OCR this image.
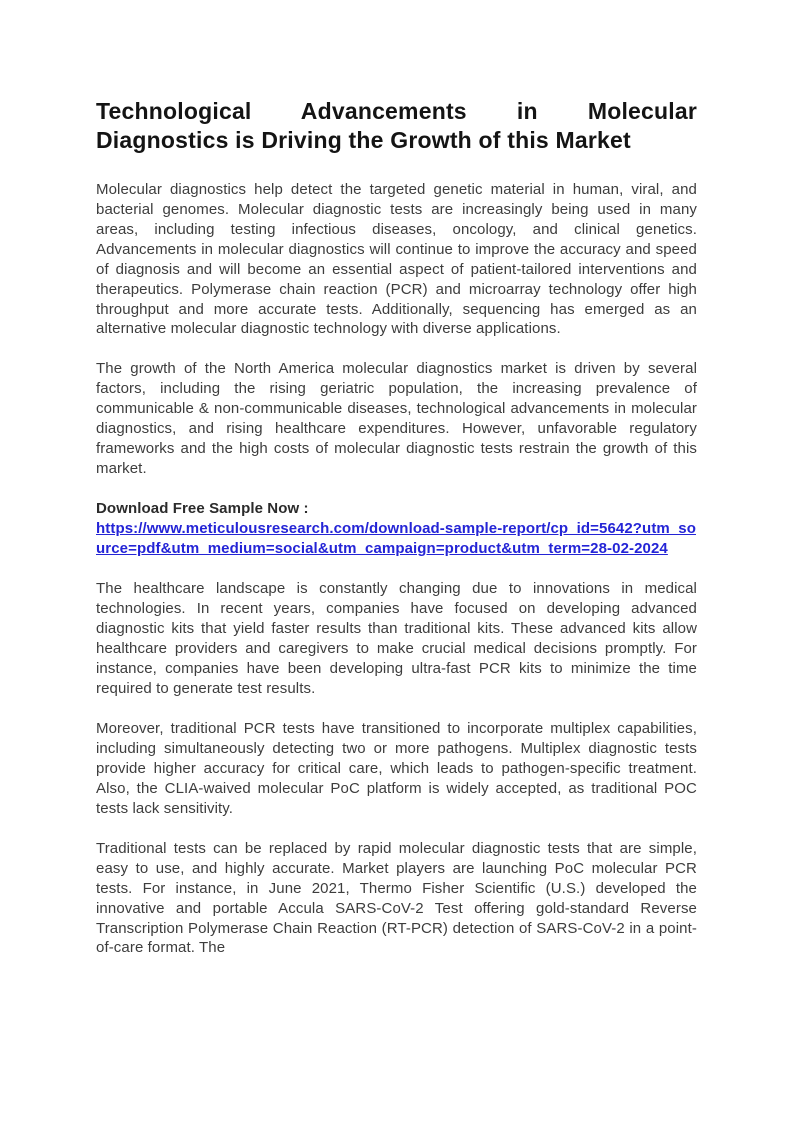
Technological Advancements in Molecular Diagnostics is Driving the Growth of this Market

Molecular diagnostics help detect the targeted genetic material in human, viral, and bacterial genomes. Molecular diagnostic tests are increasingly being used in many areas, including testing infectious diseases, oncology, and clinical genetics. Advancements in molecular diagnostics will continue to improve the accuracy and speed of diagnosis and will become an essential aspect of patient-tailored interventions and therapeutics. Polymerase chain reaction (PCR) and microarray technology offer high throughput and more accurate tests. Additionally, sequencing has emerged as an alternative molecular diagnostic technology with diverse applications.

The growth of the North America molecular diagnostics market is driven by several factors, including the rising geriatric population, the increasing prevalence of communicable & non-communicable diseases, technological advancements in molecular diagnostics, and rising healthcare expenditures. However, unfavorable regulatory frameworks and the high costs of molecular diagnostic tests restrain the growth of this market.

Download Free Sample Now :

https://www.meticulousresearch.com/download-sample-report/cp_id=5642?utm_source=pdf&utm_medium=social&utm_campaign=product&utm_term=28-02-2024

The healthcare landscape is constantly changing due to innovations in medical technologies. In recent years, companies have focused on developing advanced diagnostic kits that yield faster results than traditional kits. These advanced kits allow healthcare providers and caregivers to make crucial medical decisions promptly. For instance, companies have been developing ultra-fast PCR kits to minimize the time required to generate test results.

Moreover, traditional PCR tests have transitioned to incorporate multiplex capabilities, including simultaneously detecting two or more pathogens. Multiplex diagnostic tests provide higher accuracy for critical care, which leads to pathogen-specific treatment. Also, the CLIA-waived molecular PoC platform is widely accepted, as traditional POC tests lack sensitivity.

Traditional tests can be replaced by rapid molecular diagnostic tests that are simple, easy to use, and highly accurate. Market players are launching PoC molecular PCR tests. For instance, in June 2021, Thermo Fisher Scientific (U.S.) developed the innovative and portable Accula SARS-CoV-2 Test offering gold-standard Reverse Transcription Polymerase Chain Reaction (RT-PCR) detection of SARS-CoV-2 in a point-of-care format. The
